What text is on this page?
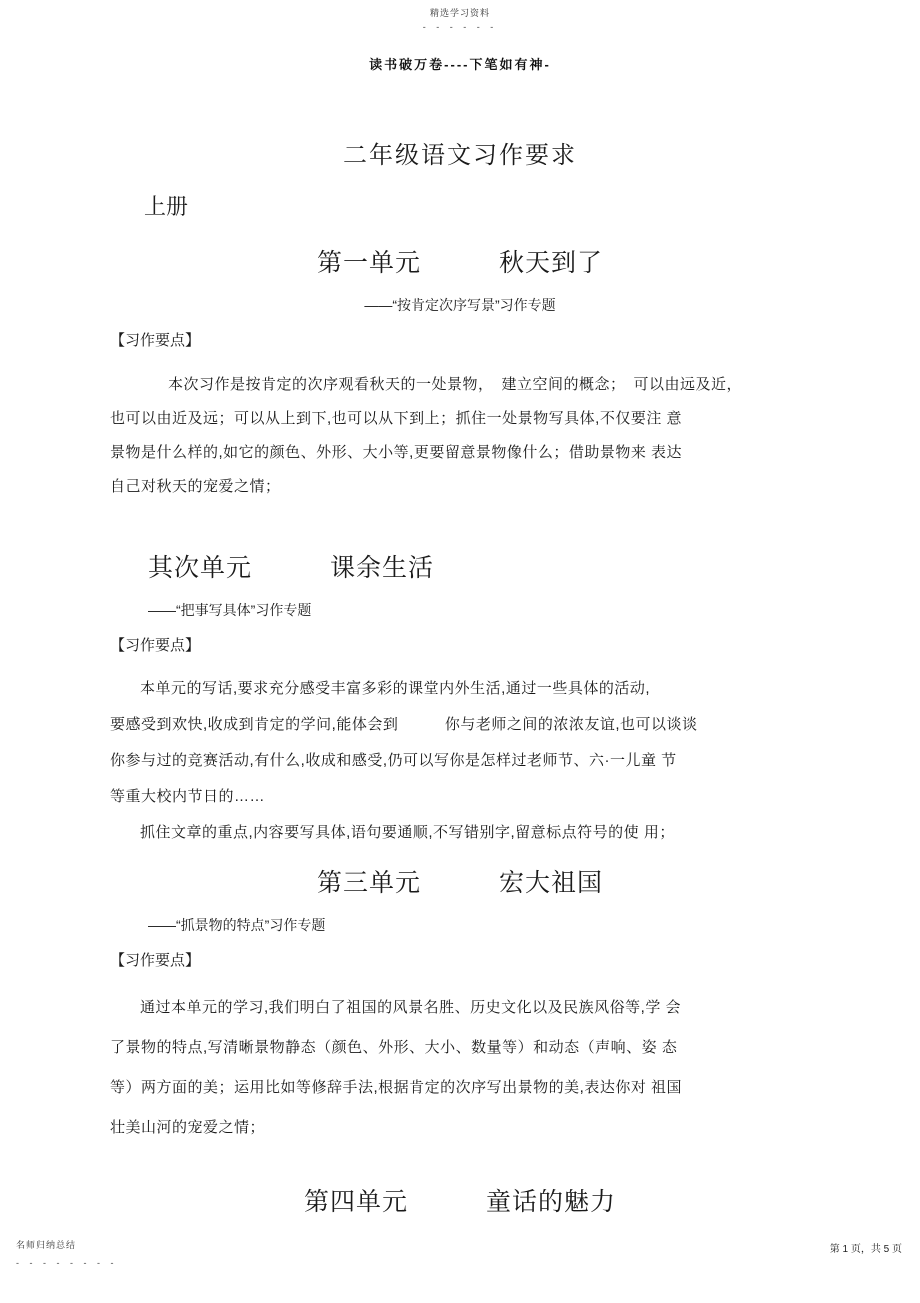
精选学习资料
- - - - - -
读书破万卷----下笔如有神-
二年级语文习作要求
上册
第一单元　　　秋天到了
——“按肯定次序写景”习作专题
【习作要点】
本次习作是按肯定的次序观看秋天的一处景物，　建立空间的概念；　可以由远及近，
也可以由近及远；可以从上到下,也可以从下到上；抓住一处景物写具体,不仅要注 意
景物是什么样的,如它的颜色、外形、大小等,更要留意景物像什么；借助景物来 表达
自己对秋天的宠爱之情；
其次单元　　　课余生活
——“把事写具体”习作专题
【习作要点】
本单元的写话,要求充分感受丰富多彩的课堂内外生活,通过一些具体的活动,
要感受到欢快,收成到肯定的学问,能体会到　　　你与老师之间的浓浓友谊,也可以谈谈
你参与过的竞赛活动,有什么,收成和感受,仍可以写你是怎样过老师节、六·一儿童 节
等重大校内节日的……
抓住文章的重点,内容要写具体,语句要通顺,不写错别字,留意标点符号的使 用；
第三单元　　　宏大祖国
——“抓景物的特点”习作专题
【习作要点】
通过本单元的学习,我们明白了祖国的风景名胜、历史文化以及民族风俗等,学 会
了景物的特点,写清晰景物静态（颜色、外形、大小、数量等）和动态（声响、姿 态
等）两方面的美；运用比如等修辞手法,根据肯定的次序写出景物的美,表达你对 祖国
壮美山河的宠爱之情；
第四单元　　　童话的魅力
名师归纳总结
- - - - - - - -
第 1 页，共 5 页
